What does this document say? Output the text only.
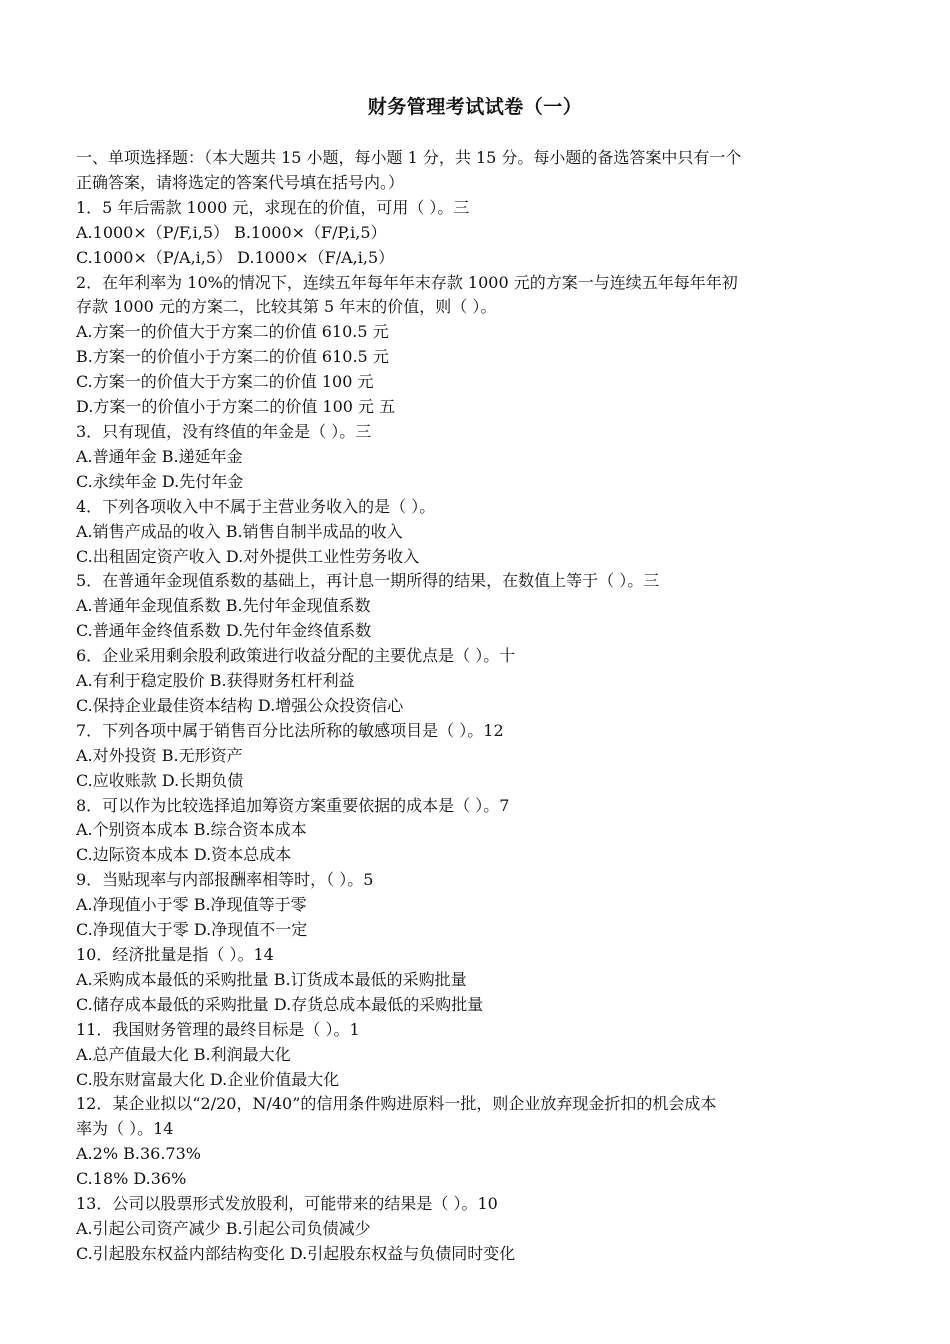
财务管理考试试卷（一）
一、单项选择题：（本大题共 15 小题，每小题 1 分，共 15 分。每小题的备选答案中只有一个
正确答案，请将选定的答案代号填在括号内。）
1．5 年后需款 1000 元，求现在的价值，可用（ ）。三
A.1000×（P/F,i,5） B.1000×（F/P,i,5）
C.1000×（P/A,i,5） D.1000×（F/A,i,5）
2．在年利率为 10%的情况下，连续五年每年年末存款 1000 元的方案一与连续五年每年年初
存款 1000 元的方案二，比较其第 5 年末的价值，则（ ）。
A.方案一的价值大于方案二的价值 610.5 元
B.方案一的价值小于方案二的价值 610.5 元
C.方案一的价值大于方案二的价值 100 元
D.方案一的价值小于方案二的价值 100 元 五
3．只有现值，没有终值的年金是（ ）。三
A.普通年金 B.递延年金
C.永续年金 D.先付年金
4．下列各项收入中不属于主营业务收入的是（ ）。
A.销售产成品的收入 B.销售自制半成品的收入
C.出租固定资产收入 D.对外提供工业性劳务收入
5．在普通年金现值系数的基础上，再计息一期所得的结果，在数值上等于（ ）。三
A.普通年金现值系数 B.先付年金现值系数
C.普通年金终值系数 D.先付年金终值系数
6．企业采用剩余股利政策进行收益分配的主要优点是（ ）。十
A.有利于稳定股价 B.获得财务杠杆利益
C.保持企业最佳资本结构 D.增强公众投资信心
7．下列各项中属于销售百分比法所称的敏感项目是（ ）。12
A.对外投资 B.无形资产
C.应收账款 D.长期负债
8．可以作为比较选择追加筹资方案重要依据的成本是（ ）。7
A.个别资本成本 B.综合资本成本
C.边际资本成本 D.资本总成本
9．当贴现率与内部报酬率相等时，（ ）。5
A.净现值小于零 B.净现值等于零
C.净现值大于零 D.净现值不一定
10．经济批量是指（ ）。14
A.采购成本最低的采购批量 B.订货成本最低的采购批量
C.储存成本最低的采购批量 D.存货总成本最低的采购批量
11．我国财务管理的最终目标是（ ）。1
A.总产值最大化 B.利润最大化
C.股东财富最大化 D.企业价值最大化
12．某企业拟以“2/20，N/40”的信用条件购进原料一批，则企业放弃现金折扣的机会成本
率为（ ）。14
A.2% B.36.73%
C.18% D.36%
13．公司以股票形式发放股利，可能带来的结果是（ ）。10
A.引起公司资产减少 B.引起公司负债减少
C.引起股东权益内部结构变化 D.引起股东权益与负债同时变化
